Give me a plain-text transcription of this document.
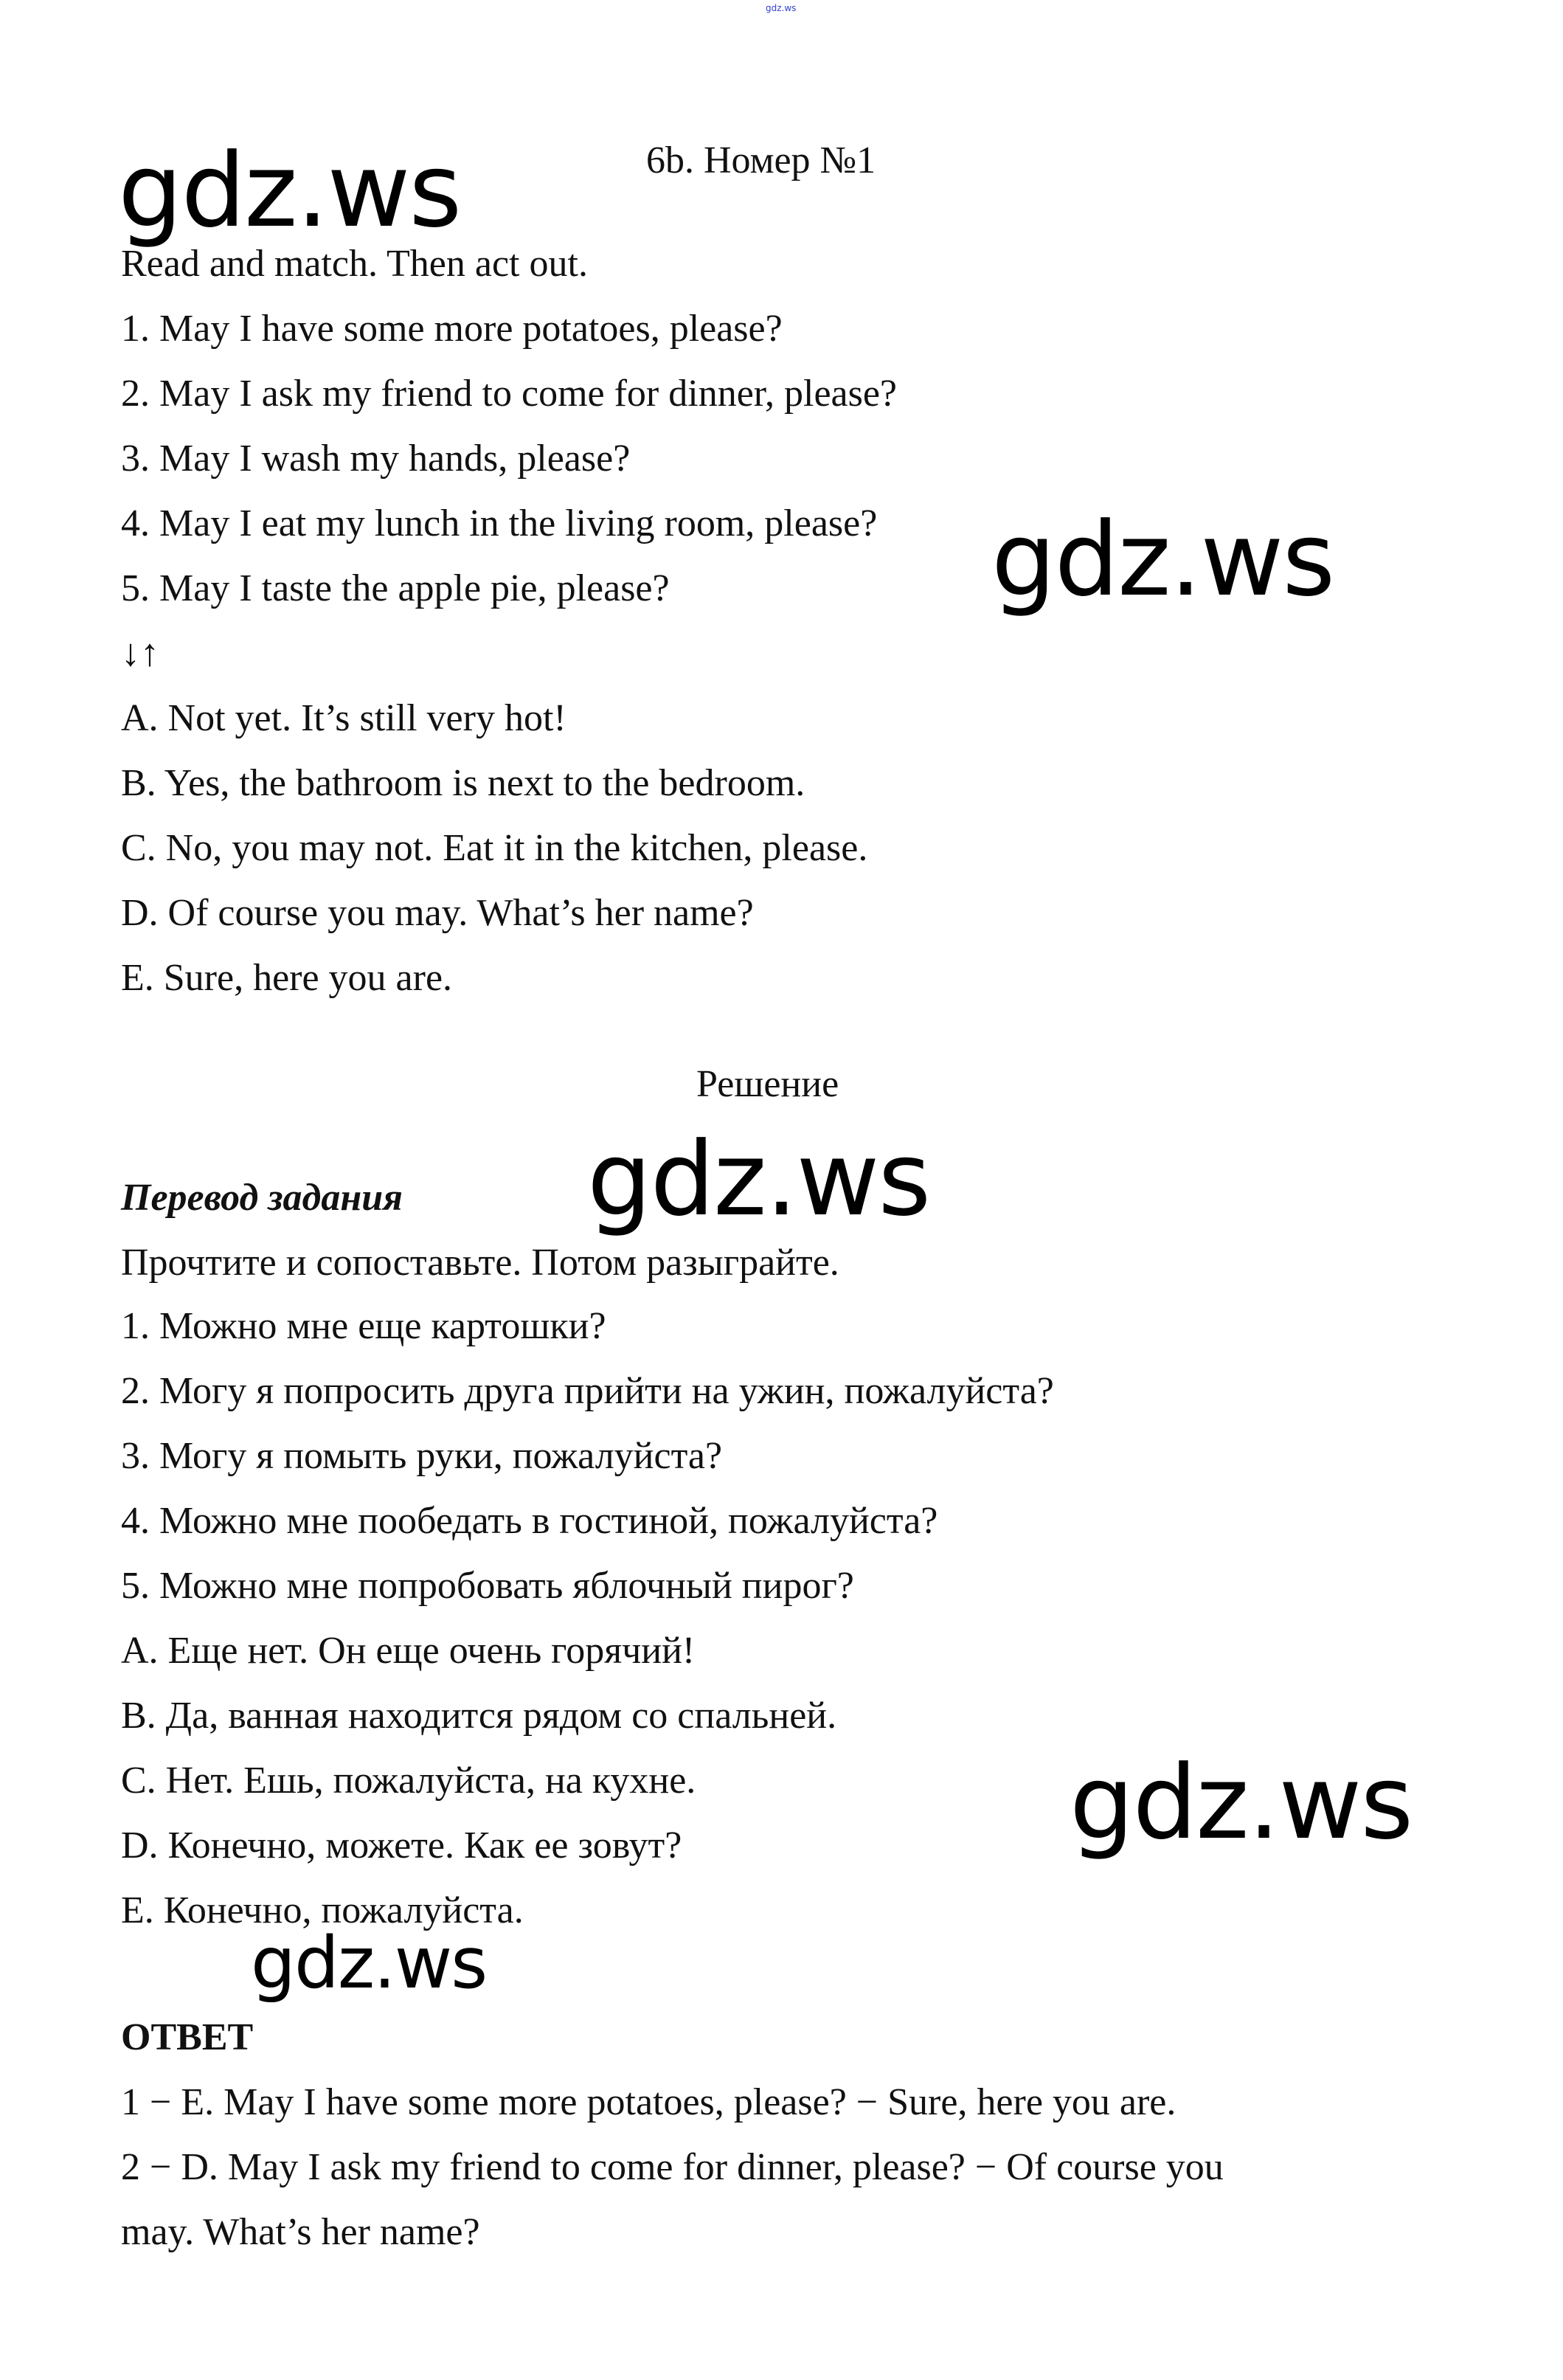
gdz.ws
gdz.ws
gdz.ws
gdz.ws
gdz.ws
gdz.ws
6b. Номер №1
Read and match. Then act out.
1. May I have some more potatoes, please?
2. May I ask my friend to come for dinner, please?
3. May I wash my hands, please?
4. May I eat my lunch in the living room, please?
5. May I taste the apple pie, please?
↓↑
A. Not yet. It’s still very hot!
B. Yes, the bathroom is next to the bedroom.
C. No, you may not. Eat it in the kitchen, please.
D. Of course you may. What’s her name?
E. Sure, here you are.
Решение
Перевод задания
Прочтите и сопоставьте. Потом разыграйте.
1. Можно мне еще картошки?
2. Могу я попросить друга прийти на ужин, пожалуйста?
3. Могу я помыть руки, пожалуйста?
4. Можно мне пообедать в гостиной, пожалуйста?
5. Можно мне попробовать яблочный пирог?
A. Еще нет. Он еще очень горячий!
B. Да, ванная находится рядом со спальней.
C. Нет. Ешь, пожалуйста, на кухне.
D. Конечно, можете. Как ее зовут?
E. Конечно, пожалуйста.
ОТВЕТ
1 − E. May I have some more potatoes, please? − Sure, here you are.
2 − D. May I ask my friend to come for dinner, please? − Of course you
may. What’s her name?
